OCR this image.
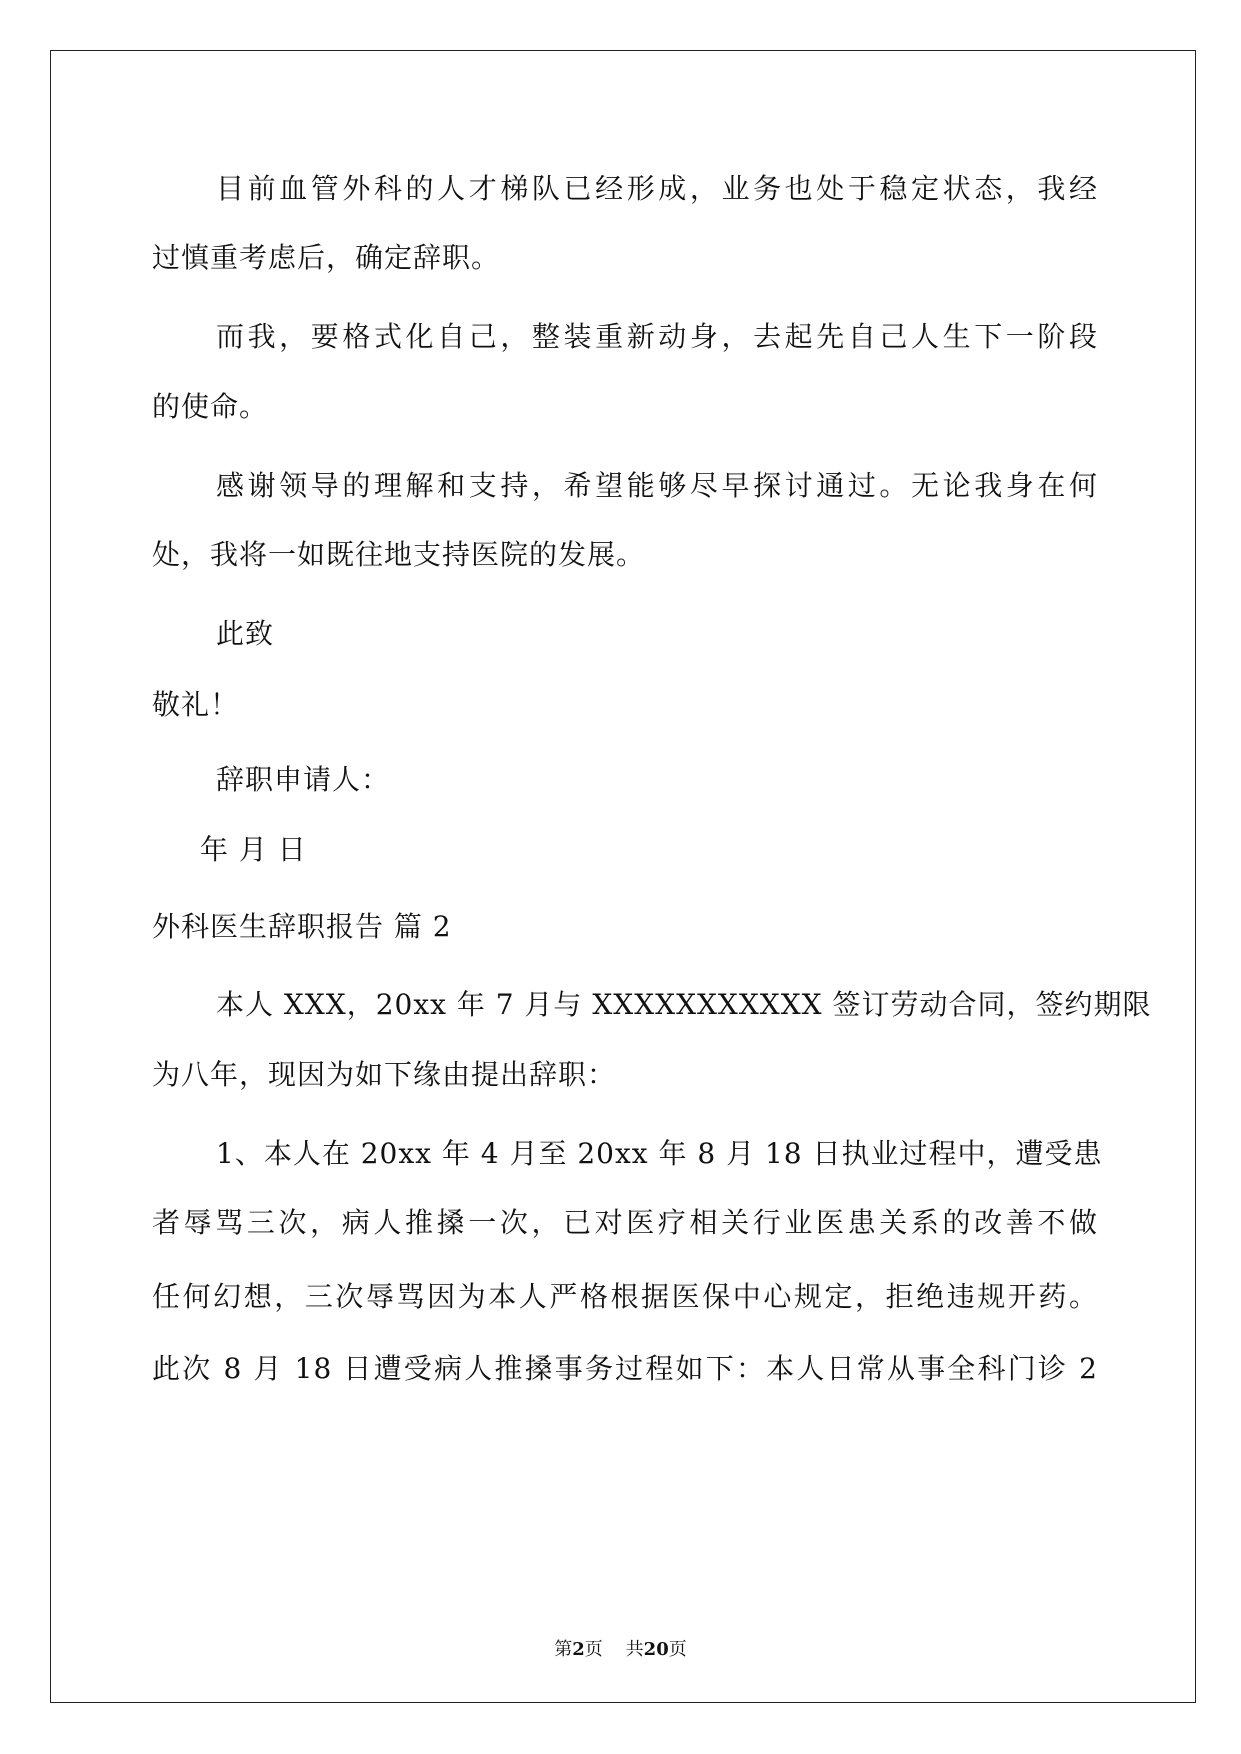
目前血管外科的人才梯队已经形成，业务也处于稳定状态，我经
过慎重考虑后，确定辞职。
而我，要格式化自己，整装重新动身，去起先自己人生下一阶段
的使命。
感谢领导的理解和支持，希望能够尽早探讨通过。无论我身在何
处，我将一如既往地支持医院的发展。
此致
敬礼！
辞职申请人：
年 月 日
外科医生辞职报告 篇 2
本人 XXX，20xx 年 7 月与 XXXXXXXXXXX 签订劳动合同，签约期限
为八年，现因为如下缘由提出辞职：
1、本人在 20xx 年 4 月至 20xx 年 8 月 18 日执业过程中，遭受患
者辱骂三次，病人推搡一次，已对医疗相关行业医患关系的改善不做
任何幻想，三次辱骂因为本人严格根据医保中心规定，拒绝违规开药。
此次 8 月 18 日遭受病人推搡事务过程如下：本人日常从事全科门诊 2
第2页 共20页
